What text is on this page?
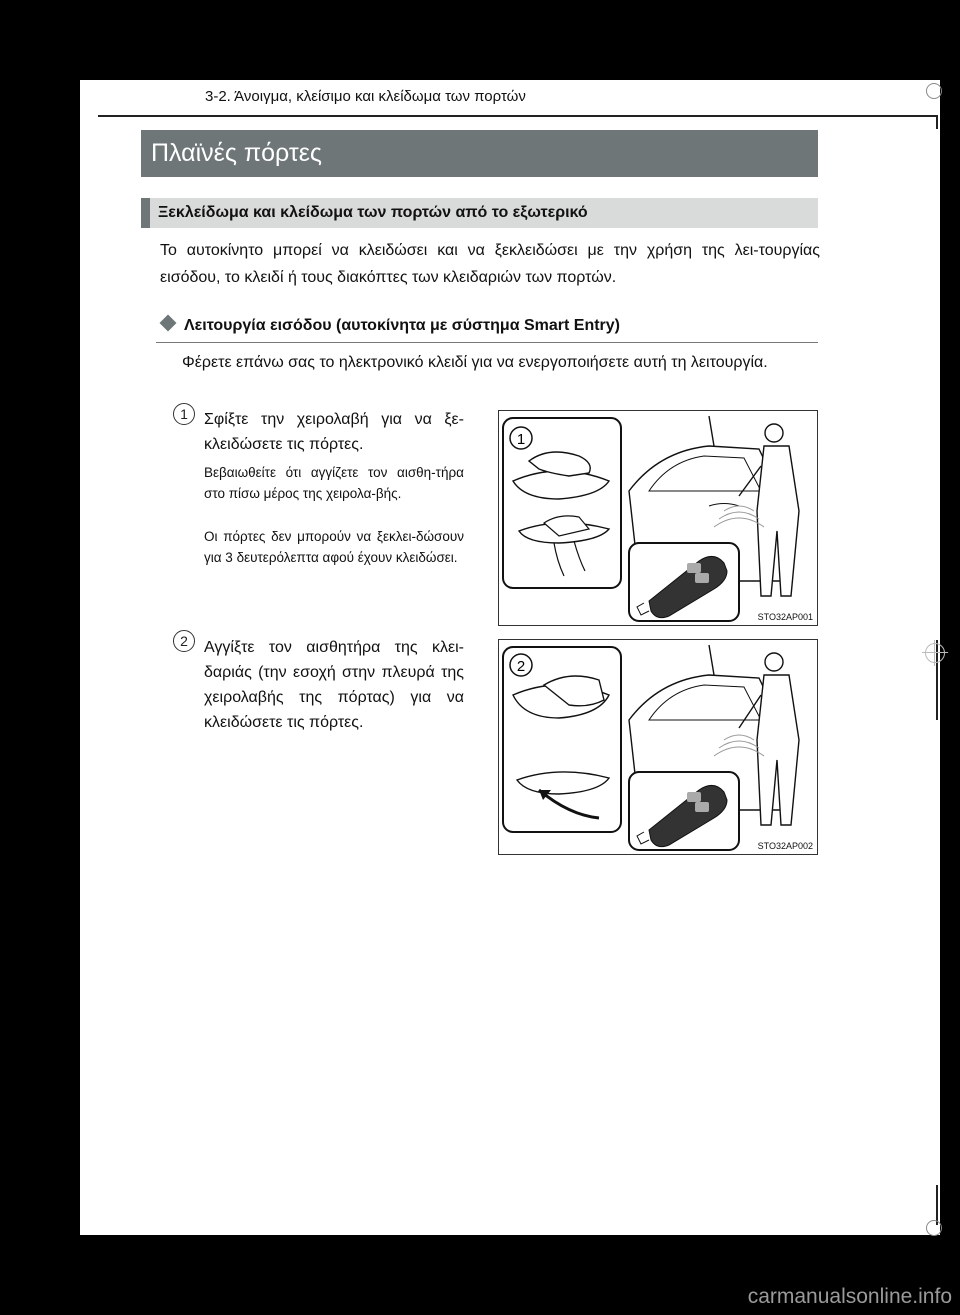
3-2. Άνοιγμα, κλείσιμο και κλείδωμα των πορτών
Πλαϊνές πόρτες
Ξεκλείδωμα και κλείδωμα των πορτών από το εξωτερικό
Το αυτοκίνητο μπορεί να κλειδώσει και να ξεκλειδώσει με την χρήση της λει-τουργίας εισόδου, το κλειδί ή τους διακόπτες των κλειδαριών των πορτών.
Λειτουργία εισόδου (αυτοκίνητα με σύστημα Smart Entry)
Φέρετε επάνω σας το ηλεκτρονικό κλειδί για να ενεργοποιήσετε αυτή τη λειτουργία.
1	Σφίξτε την χειρολαβή για να ξε-κλειδώσετε τις πόρτες.
Βεβαιωθείτε ότι αγγίζετε τον αισθη-τήρα στο πίσω μέρος της χειρολα-βής.
Οι πόρτες δεν μπορούν να ξεκλει-δώσουν για 3 δευτερόλεπτα αφού έχουν κλειδώσει.
1
STO32AP001
2	Αγγίξτε τον αισθητήρα της κλει-δαριάς (την εσοχή στην πλευρά της χειρολαβής της πόρτας) για να κλειδώσετε τις πόρτες.
2
STO32AP002
carmanualsonline.info
